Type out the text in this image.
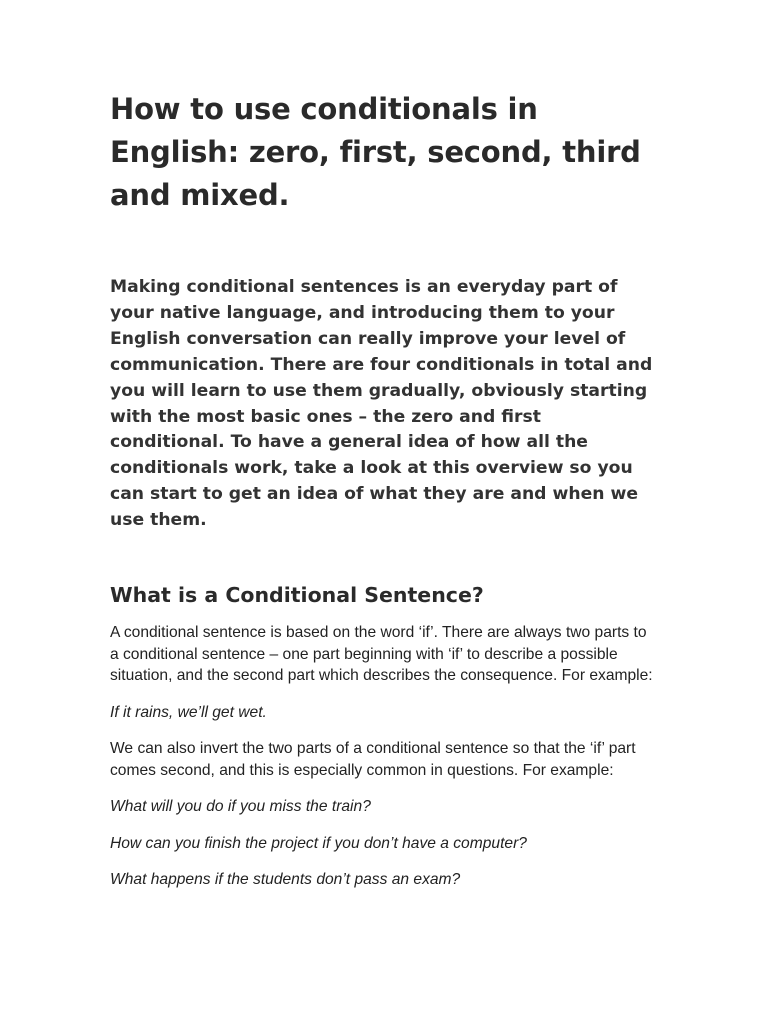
How to use conditionals in English: zero, first, second, third and mixed.

Making conditional sentences is an everyday part of your native language, and introducing them to your English conversation can really improve your level of communication. There are four conditionals in total and you will learn to use them gradually, obviously starting with the most basic ones – the zero and first conditional. To have a general idea of how all the conditionals work, take a look at this overview so you can start to get an idea of what they are and when we use them.

What is a Conditional Sentence?

A conditional sentence is based on the word ‘if’. There are always two parts to a conditional sentence – one part beginning with ‘if’ to describe a possible situation, and the second part which describes the consequence. For example:

If it rains, we’ll get wet.

We can also invert the two parts of a conditional sentence so that the ‘if’ part comes second, and this is especially common in questions. For example:

What will you do if you miss the train?

How can you finish the project if you don’t have a computer?

What happens if the students don’t pass an exam?
